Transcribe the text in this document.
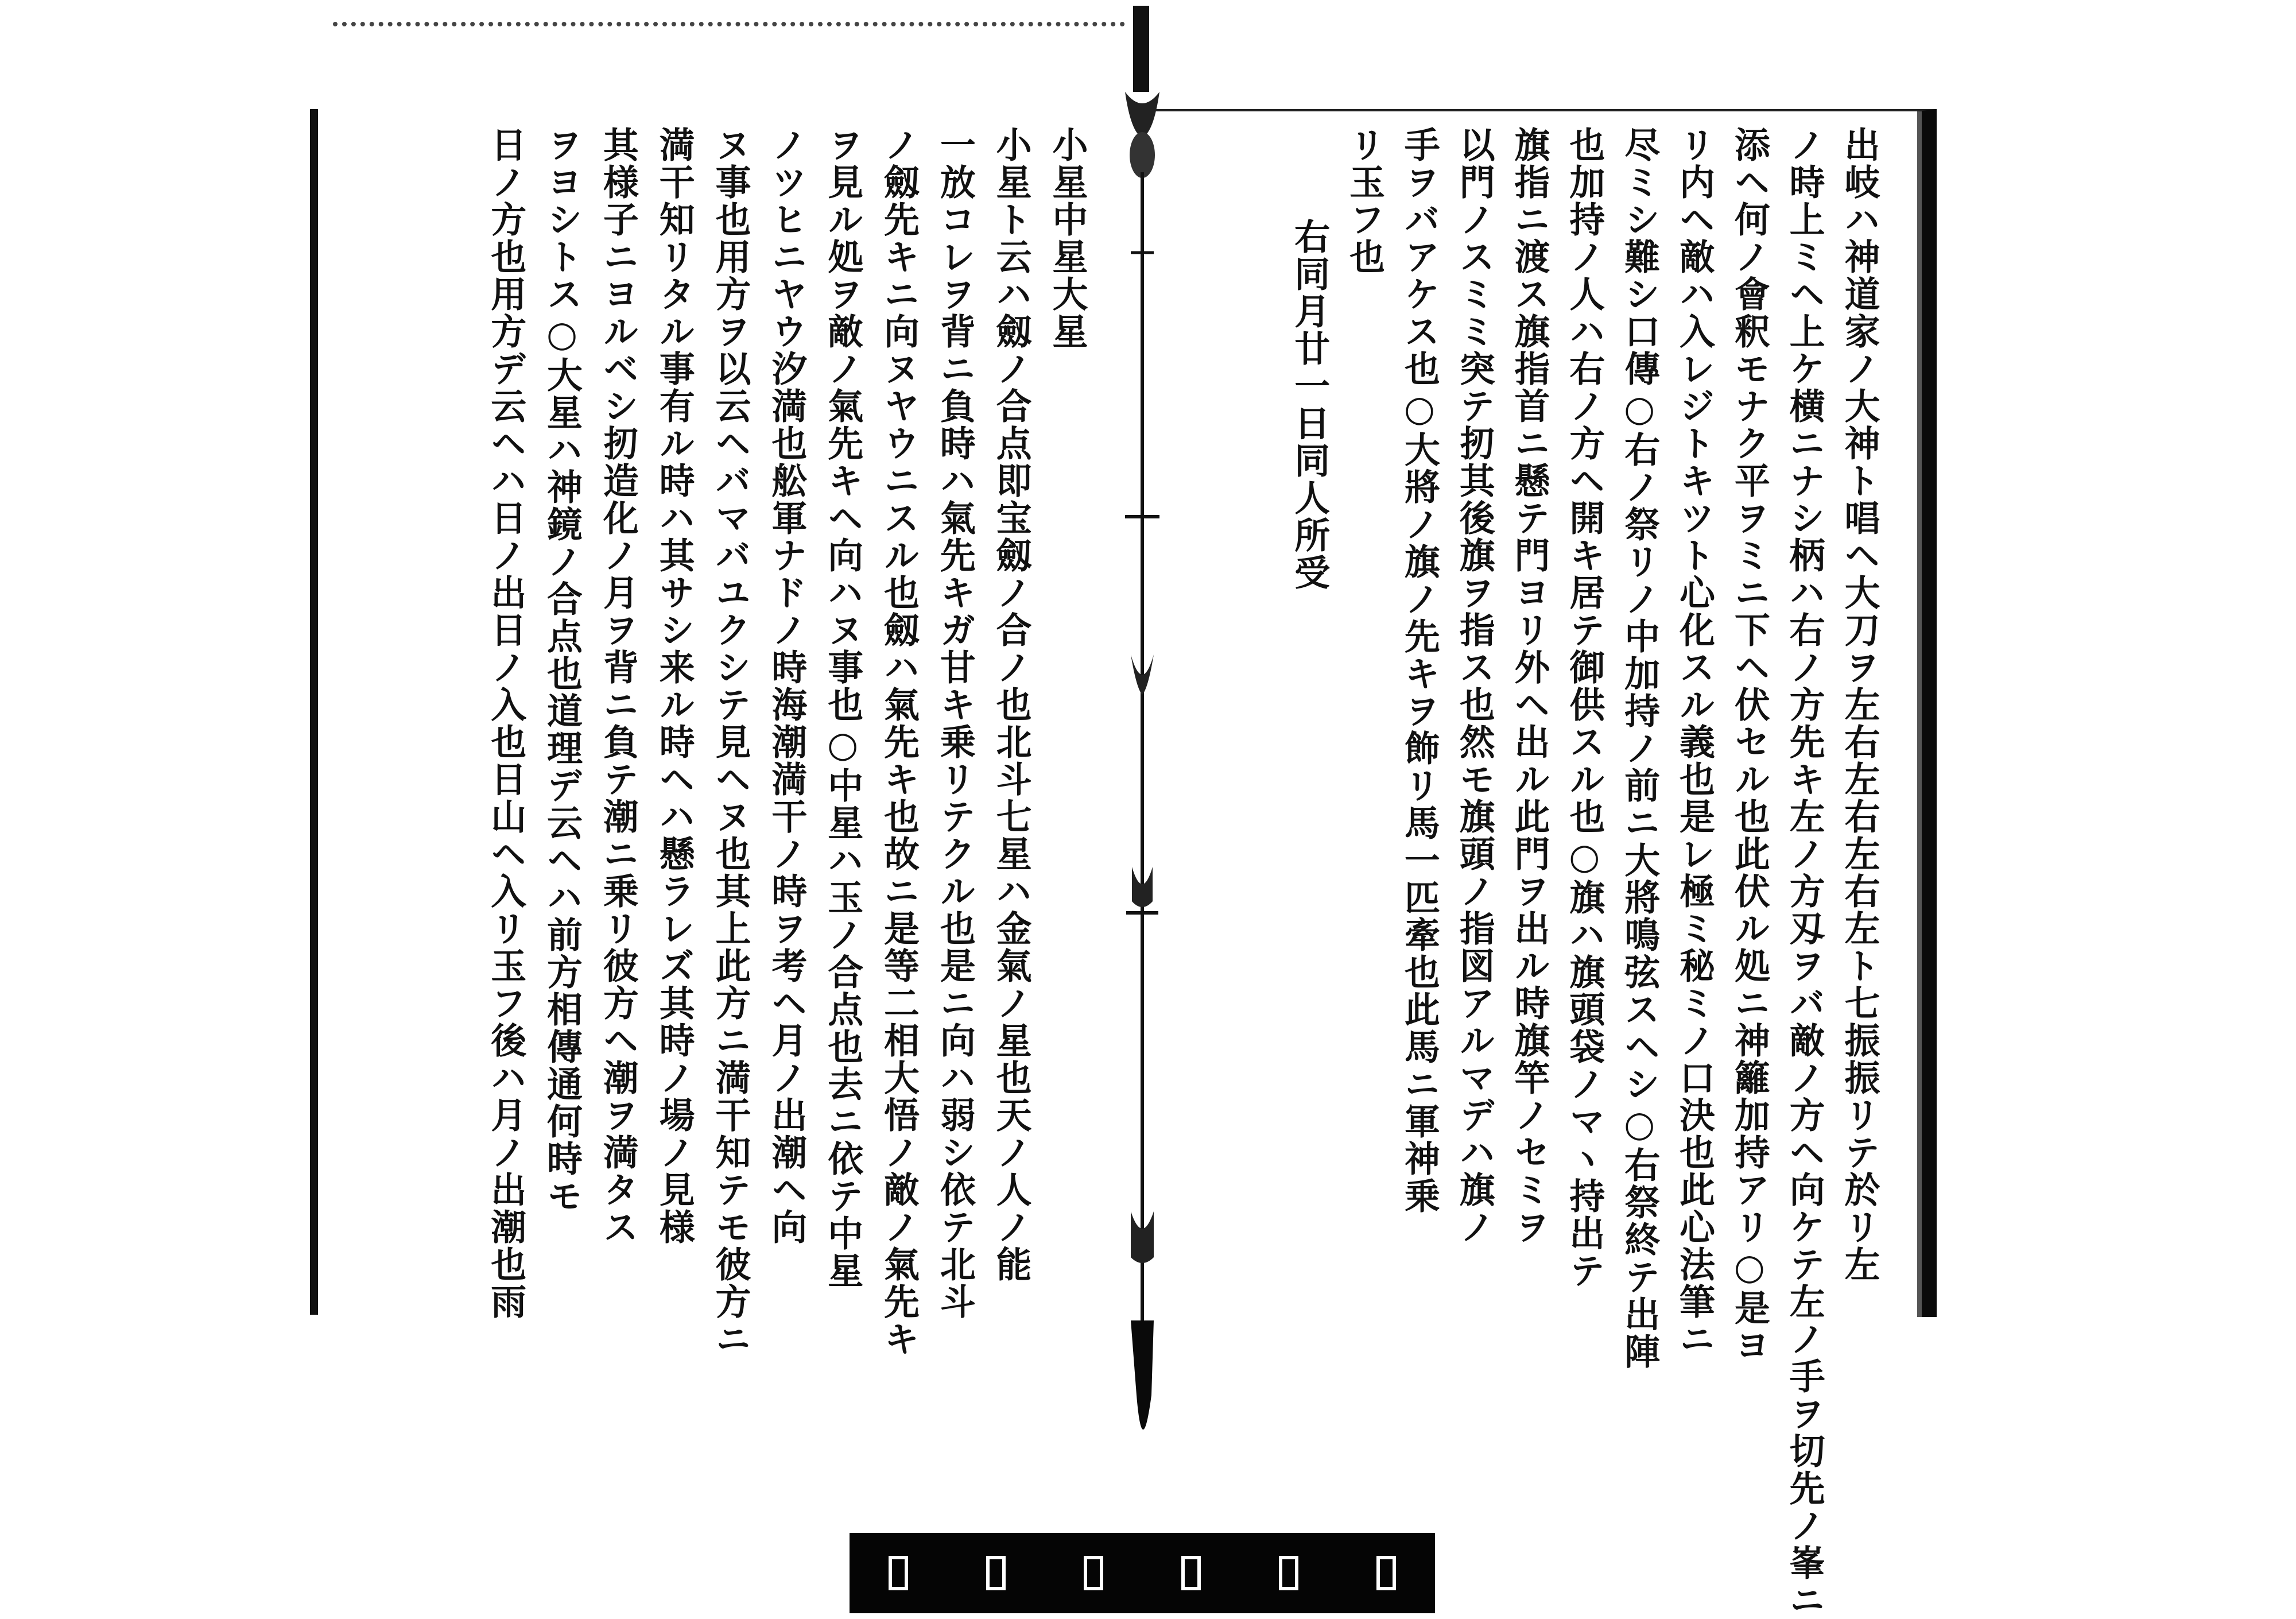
出岐ハ神道家ノ大神ト唱ヘ大刀ヲ左右左右左右左ト七振振リテ於リ左
ノ時上ミヘ上ケ横ニナシ柄ハ右ノ方先キ左ノ方刄ヲバ敵ノ方ヘ向ケテ左ノ手ヲ切先ノ峯ニ
添ヘ何ノ會釈モナク平ヲミニ下ヘ伏セル也此伏ル処ニ神籬加持アリ○是ヨ
リ内ヘ敵ハ入レジトキツト心化スル義也是レ極ミ秘ミノ口決也此心法筆ニ
尽ミシ難シ口傳○右ノ祭リノ中加持ノ前ニ大將鳴弦スヘシ○右祭終テ出陣
也加持ノ人ハ右ノ方ヘ開キ居テ御供スル也○旗ハ旗頭袋ノマヽ持出テ
旗指ニ渡ス旗指首ニ懸テ門ヨリ外ヘ出ル此門ヲ出ル時旗竿ノセミヲ
以門ノスミミ突テ扨其後旗ヲ指ス也然モ旗頭ノ指図アルマデハ旗ノ
手ヲバアケス也○大將ノ旗ノ先キヲ飾リ馬一匹牽也此馬ニ軍神乗
リ玉フ也
右同月廿一日同人所受
小星中星大星
小星ト云ハ劔ノ合点即宝劔ノ合ノ也北斗七星ハ金氣ノ星也天ノ人ノ能
一放コレヲ背ニ負時ハ氣先キガ甘キ乗リテクル也是ニ向ハ弱シ依テ北斗
ノ劔先キニ向ヌヤウニスル也劔ハ氣先キ也故ニ是等二相大悟ノ敵ノ氣先キ
ヲ見ル処ヲ敵ノ氣先キヘ向ハヌ事也○中星ハ玉ノ合点也去ニ依テ中星
ノツヒニヤウ汐満也舩軍ナドノ時海潮満干ノ時ヲ考ヘ月ノ出潮ヘ向
ヌ事也用方ヲ以云ヘバマバユクシテ見ヘヌ也其上此方ニ満干知テモ彼方ニ
満干知リタル事有ル時ハ其サシ来ル時ヘハ懸ラレズ其時ノ場ノ見様
其様子ニヨルベシ扨造化ノ月ヲ背ニ負テ潮ニ乗リ彼方ヘ潮ヲ満タス
ヲヨシトス○大星ハ神鏡ノ合点也道理デ云ヘハ前方相傳通何時モ
日ノ方也用方デ云ヘハ日ノ出日ノ入也日山ヘ入リ玉フ後ハ月ノ出潮也雨
